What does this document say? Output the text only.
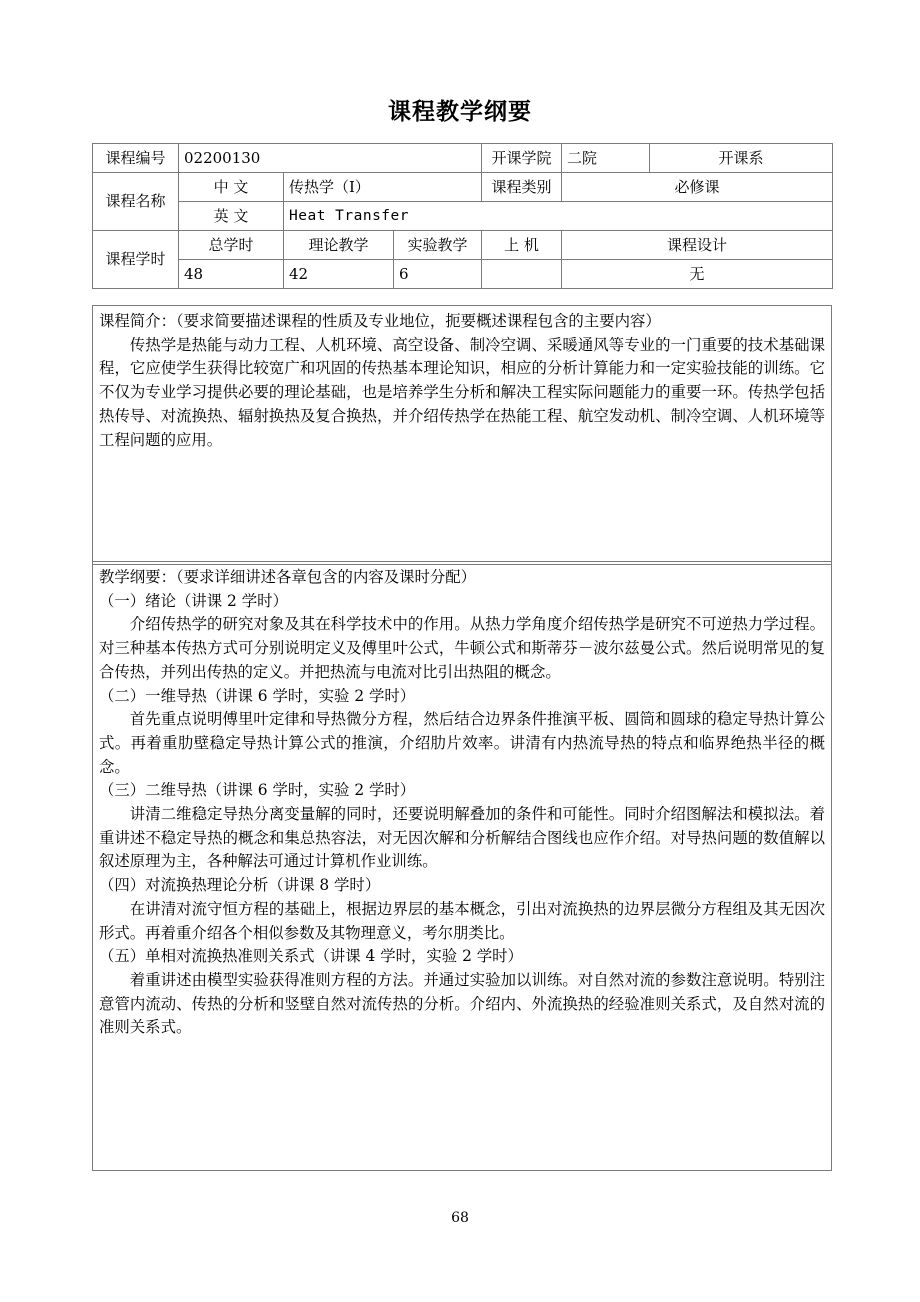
课程教学纲要
课程编号	02200130			开课学院	二院	开课系
课程名称	中 文	传热学（I）		课程类别	必修课	
	英 文	Heat Transfer				
课程学时	总学时	理论教学	实验教学	上 机	课程设计	
	48	42	6		无	

课程简介：（要求简要描述课程的性质及专业地位，扼要概述课程包含的主要内容）

传热学是热能与动力工程、人机环境、高空设备、制冷空调、采暖通风等专业的一门重要的技术基础课程，它应使学生获得比较宽广和巩固的传热基本理论知识，相应的分析计算能力和一定实验技能的训练。它不仅为专业学习提供必要的理论基础，也是培养学生分析和解决工程实际问题能力的重要一环。传热学包括热传导、对流换热、辐射换热及复合换热，并介绍传热学在热能工程、航空发动机、制冷空调、人机环境等工程问题的应用。

教学纲要：（要求详细讲述各章包含的内容及课时分配）

（一）绪论（讲课 2 学时）

介绍传热学的研究对象及其在科学技术中的作用。从热力学角度介绍传热学是研究不可逆热力学过程。对三种基本传热方式可分别说明定义及傅里叶公式，牛顿公式和斯蒂芬－波尔兹曼公式。然后说明常见的复合传热，并列出传热的定义。并把热流与电流对比引出热阻的概念。

（二）一维导热（讲课 6 学时，实验 2 学时）

首先重点说明傅里叶定律和导热微分方程，然后结合边界条件推演平板、圆筒和圆球的稳定导热计算公式。再着重肋壁稳定导热计算公式的推演，介绍肋片效率。讲清有内热流导热的特点和临界绝热半径的概念。

（三）二维导热（讲课 6 学时，实验 2 学时）

讲清二维稳定导热分离变量解的同时，还要说明解叠加的条件和可能性。同时介绍图解法和模拟法。着重讲述不稳定导热的概念和集总热容法，对无因次解和分析解结合图线也应作介绍。对导热问题的数值解以叙述原理为主，各种解法可通过计算机作业训练。

（四）对流换热理论分析（讲课 8 学时）

在讲清对流守恒方程的基础上，根据边界层的基本概念，引出对流换热的边界层微分方程组及其无因次形式。再着重介绍各个相似参数及其物理意义，考尔朋类比。

（五）单相对流换热准则关系式（讲课 4 学时，实验 2 学时）

着重讲述由模型实验获得准则方程的方法。并通过实验加以训练。对自然对流的参数注意说明。特别注意管内流动、传热的分析和竖壁自然对流传热的分析。介绍内、外流换热的经验准则关系式，及自然对流的准则关系式。

68
